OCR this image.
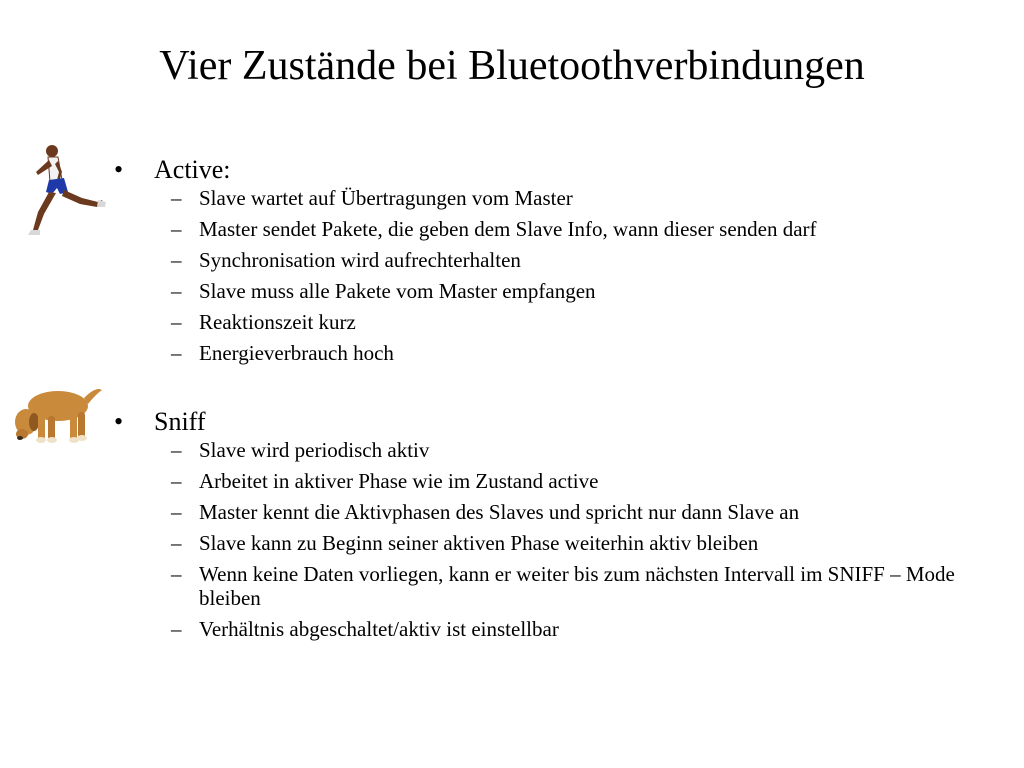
Vier Zustände bei Bluetoothverbindungen
• Active:
– Slave wartet auf Übertragungen vom Master
– Master sendet Pakete, die geben dem Slave Info, wann dieser senden darf
– Synchronisation wird aufrechterhalten
– Slave muss alle Pakete vom Master empfangen
– Reaktionszeit kurz
– Energieverbrauch hoch
• Sniff
– Slave wird periodisch aktiv
– Arbeitet in aktiver Phase wie im Zustand active
– Master kennt die Aktivphasen des Slaves und spricht nur dann Slave an
– Slave kann zu Beginn seiner aktiven Phase weiterhin aktiv bleiben
– Wenn keine Daten vorliegen, kann er weiter bis zum nächsten Intervall im SNIFF – Mode bleiben
– Verhältnis abgeschaltet/aktiv ist einstellbar
